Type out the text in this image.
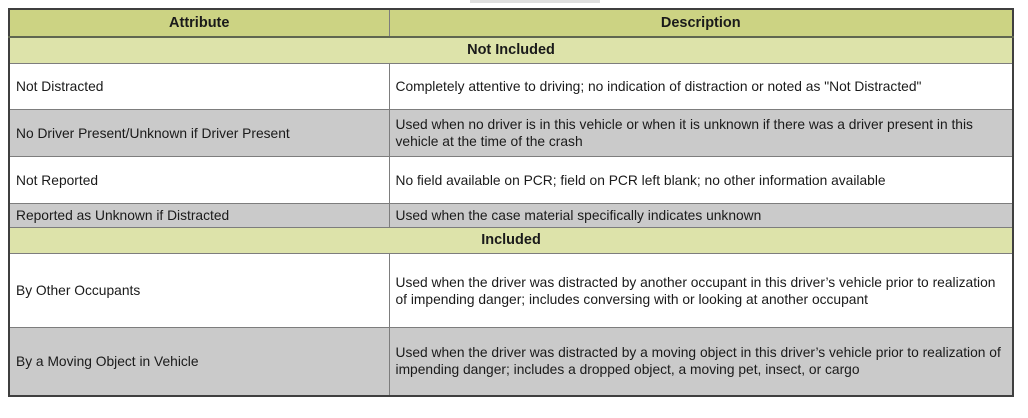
Attribute	Description
Not Included	
Not Distracted	Completely attentive to driving; no indication of distraction or noted as "Not Distracted"
No Driver Present/Unknown if Driver Present	Used when no driver is in this vehicle or when it is unknown if there was a driver present in this vehicle at the time of the crash
Not Reported	No field available on PCR; field on PCR left blank; no other information available
Reported as Unknown if Distracted	Used when the case material specifically indicates unknown
Included	
By Other Occupants	Used when the driver was distracted by another occupant in this driver’s vehicle prior to realization of impending danger; includes conversing with or looking at another occupant
By a Moving Object in Vehicle	Used when the driver was distracted by a moving object in this driver’s vehicle prior to realization of impending danger; includes a dropped object, a moving pet, insect, or cargo
